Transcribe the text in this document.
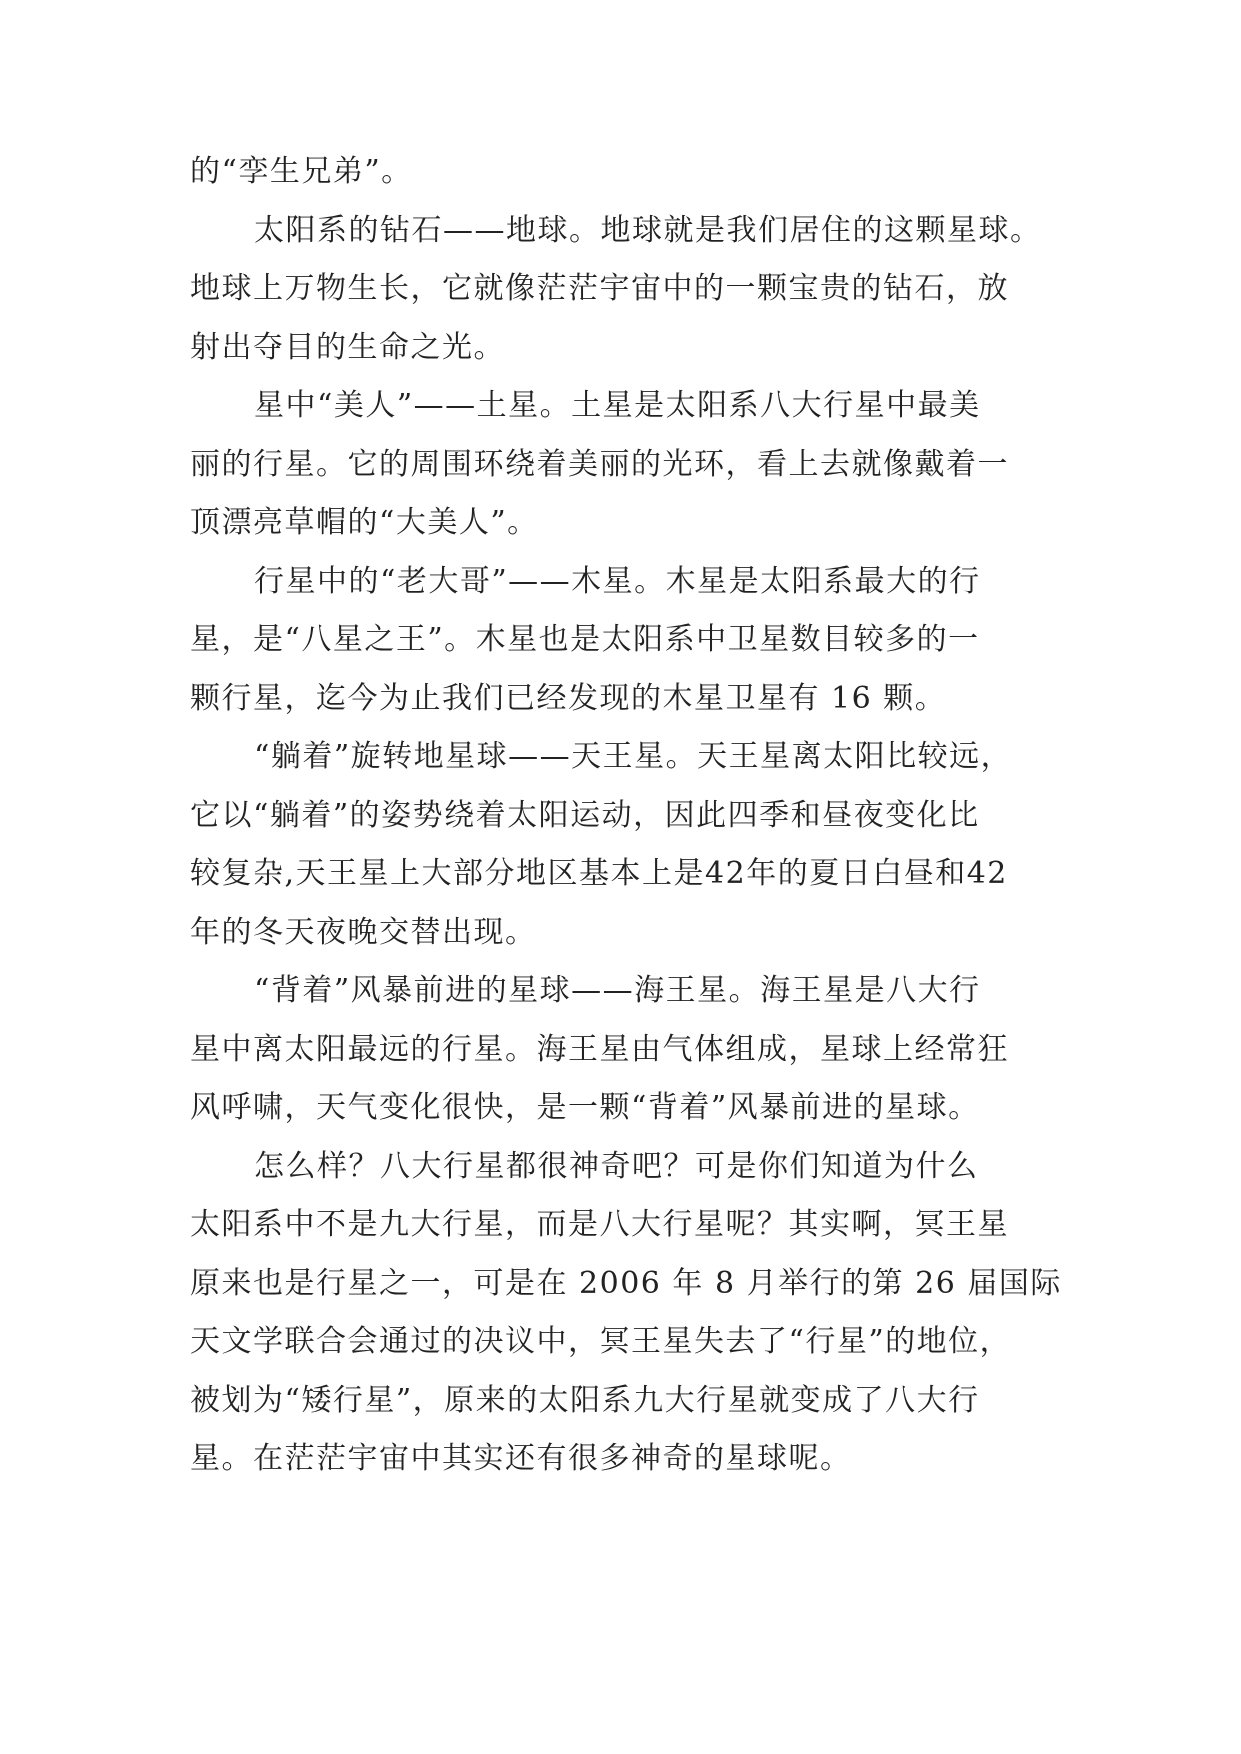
的“孪生兄弟”。
太阳系的钻石——地球。地球就是我们居住的这颗星球。
地球上万物生长，它就像茫茫宇宙中的一颗宝贵的钻石，放
射出夺目的生命之光。
星中“美人”——土星。土星是太阳系八大行星中最美
丽的行星。它的周围环绕着美丽的光环，看上去就像戴着一
顶漂亮草帽的“大美人”。
行星中的“老大哥”——木星。木星是太阳系最大的行
星，是“八星之王”。木星也是太阳系中卫星数目较多的一
颗行星，迄今为止我们已经发现的木星卫星有 16 颗。
“躺着”旋转地星球——天王星。天王星离太阳比较远，
它以“躺着”的姿势绕着太阳运动，因此四季和昼夜变化比
较复杂,天王星上大部分地区基本上是42年的夏日白昼和42
年的冬天夜晚交替出现。
“背着”风暴前进的星球——海王星。海王星是八大行
星中离太阳最远的行星。海王星由气体组成，星球上经常狂
风呼啸，天气变化很快，是一颗“背着”风暴前进的星球。
怎么样？八大行星都很神奇吧？可是你们知道为什么
太阳系中不是九大行星，而是八大行星呢？其实啊，冥王星
原来也是行星之一，可是在 2006 年 8 月举行的第 26 届国际
天文学联合会通过的决议中，冥王星失去了“行星”的地位，
被划为“矮行星”，原来的太阳系九大行星就变成了八大行
星。在茫茫宇宙中其实还有很多神奇的星球呢。
